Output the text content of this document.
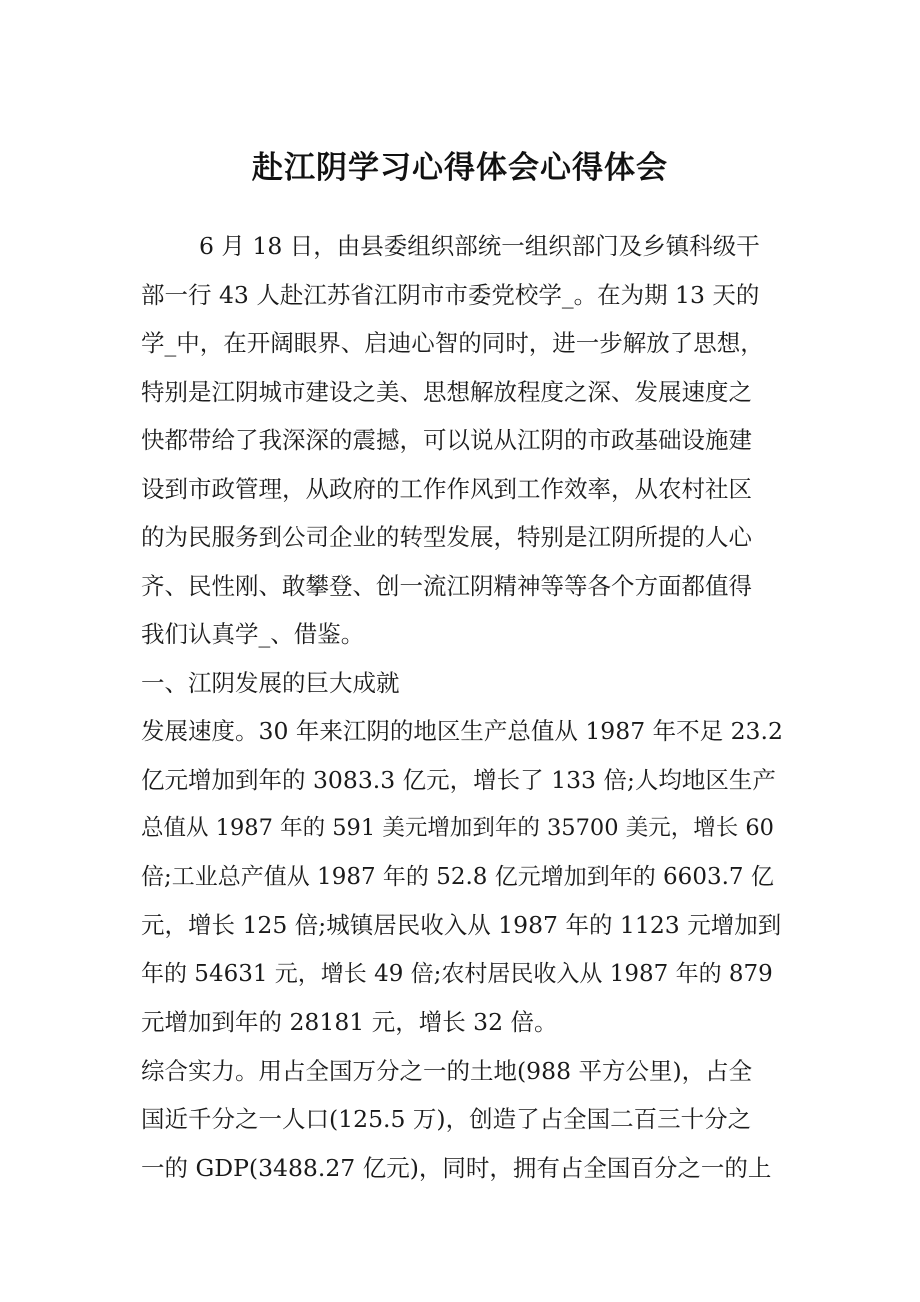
赴江阴学习心得体会心得体会
6 月 18 日，由县委组织部统一组织部门及乡镇科级干
部一行 43 人赴江苏省江阴市市委党校学_。在为期 13 天的
学_中，在开阔眼界、启迪心智的同时，进一步解放了思想，
特别是江阴城市建设之美、思想解放程度之深、发展速度之
快都带给了我深深的震撼，可以说从江阴的市政基础设施建
设到市政管理，从政府的工作作风到工作效率，从农村社区
的为民服务到公司企业的转型发展，特别是江阴所提的人心
齐、民性刚、敢攀登、创一流江阴精神等等各个方面都值得
我们认真学_、借鉴。
一、江阴发展的巨大成就
发展速度。30 年来江阴的地区生产总值从 1987 年不足 23.2
亿元增加到年的 3083.3 亿元，增长了 133 倍;人均地区生产
总值从 1987 年的 591 美元增加到年的 35700 美元，增长 60
倍;工业总产值从 1987 年的 52.8 亿元增加到年的 6603.7 亿
元，增长 125 倍;城镇居民收入从 1987 年的 1123 元增加到
年的 54631 元，增长 49 倍;农村居民收入从 1987 年的 879
元增加到年的 28181 元，增长 32 倍。
综合实力。用占全国万分之一的土地(988 平方公里)，占全
国近千分之一人口(125.5 万)，创造了占全国二百三十分之
一的 GDP(3488.27 亿元)，同时，拥有占全国百分之一的上
